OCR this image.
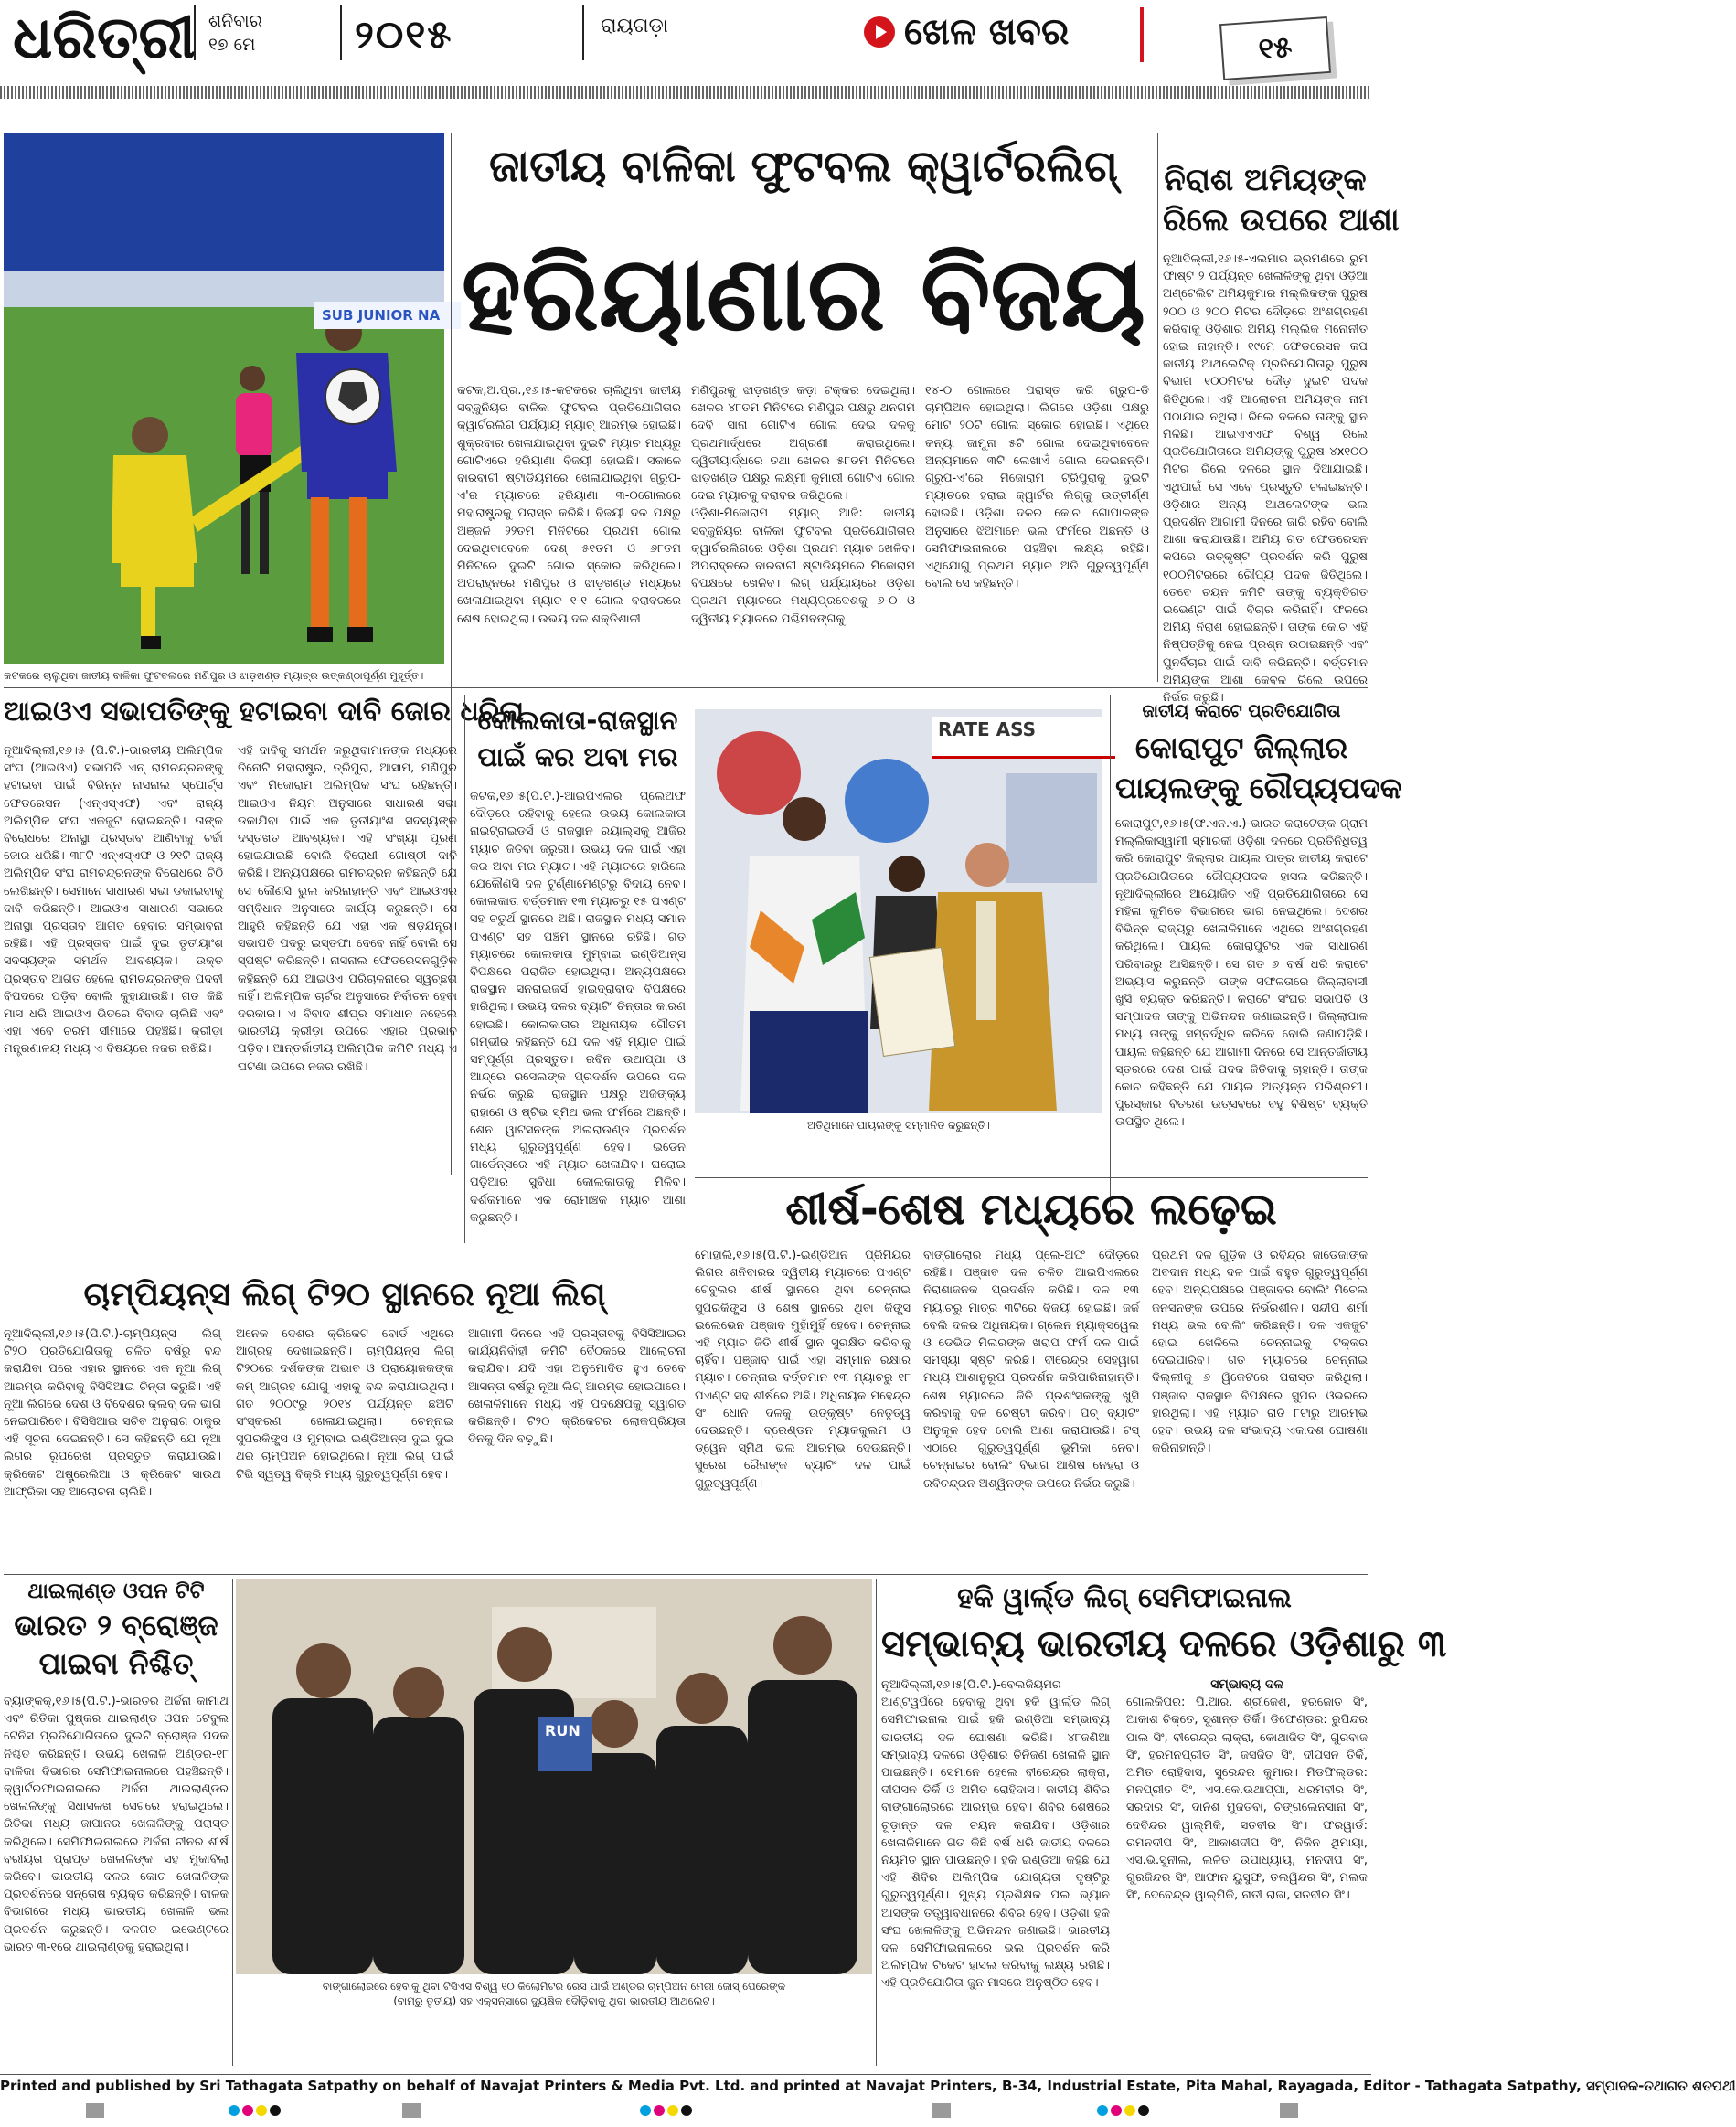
ଧରିତ୍ରୀ ଶନିବାର
୧୭ ମେ	୨୦୧୫	ରାୟଗଡ଼ା	ଖେଳ ଖବର	୧୫
SUB JUNIOR NA
କଟକରେ ଚାଲୁଥିବା ଜାତୀୟ ବାଳିକା ଫୁଟବଲରେ ମଣିପୁର ଓ ଝାଡ଼ଖଣ୍ଡ ମ୍ୟାଚ୍‌ର ଉତ୍କଣ୍ଠାପୂର୍ଣ୍ଣ ମୁହୂର୍ତ୍ତ।
ଜାତୀୟ ବାଳିକା ଫୁଟବଲ କ୍ୱାର୍ଟରଲିଗ୍
ହରିୟାଣାର ବିଜୟ
କଟକ,ଅ.ପ୍ର.,୧୬।୫-କଟକରେ ଚାଲିଥିବା ଜାତୀୟ ସବ୍‌ଜୁନିୟର ବାଳିକା ଫୁଟବଲ ପ୍ରତିଯୋଗିତାର କ୍ୱାର୍ଟରଲିଗ ପର୍ଯ୍ୟାୟ ମ୍ୟାଚ୍ ଆରମ୍ଭ ହୋଇଛି। ଶୁକ୍ରବାର ଖେଳାଯାଇଥିବା ଦୁଇଟି ମ୍ୟାଚ ମଧ୍ୟରୁ ଗୋଟିଏରେ ହରିୟାଣା ବିଜୟୀ ହୋଇଛି। ସକାଳେ ବାରବାଟୀ ଷ୍ଟାଡିୟମରେ ଖେଳାଯାଇଥିବା ଗ୍ରୁପ-ଏ'ର ମ୍ୟାଚରେ ହରିୟାଣା ୩-୦ଗୋଲରେ ମହାରାଷ୍ଟ୍ରକୁ ପରାସ୍ତ କରିଛି। ବିଜୟୀ ଦଳ ପକ୍ଷରୁ ଅଞ୍ଜଳି ୨୨ତମ ମିନିଟରେ ପ୍ରଥମ ଗୋଲ ଦେଇଥିବାବେଳେ ଦେଶ୍ ୫୧ତମ ଓ ୬୮ତମ ମିନିଟରେ ଦୁଇଟି ଗୋଲ ସ୍କୋର କରିଥିଲେ। ଅପରାହ୍ନରେ ମଣିପୁର ଓ ଝାଡ଼ଖଣ୍ଡ ମଧ୍ୟରେ ଖେଳାଯାଇଥିବା ମ୍ୟାଚ ୧-୧ ଗୋଲ ବରାବରରେ ଶେଷ ହୋଇଥିଲା। ଉଭୟ ଦଳ ଶକ୍ତିଶାଳୀ
ମଣିପୁରକୁ ଝାଡ଼ଖଣ୍ଡ କଡ଼ା ଟକ୍କର ଦେଇଥିଲା। ଖେଳର ୪୮ତମ ମିନିଟରେ ମଣିପୁର ପକ୍ଷରୁ ଥନଗମ ଦେବି ସାନା ଗୋଟିଏ ଗୋଲ ଦେଇ ଦଳକୁ ପ୍ରଥମାର୍ଦ୍ଧରେ ଅଗ୍ରଣୀ କରାଇଥିଲେ। ଦ୍ୱିତୀୟାର୍ଦ୍ଧରେ ତଥା ଖେଳର ୫୮ତମ ମିନିଟରେ ଝାଡ଼ଖଣ୍ଡ ପକ୍ଷରୁ ଲକ୍ଷ୍ମୀ କୁମାରୀ ଗୋଟିଏ ଗୋଲ ଦେଇ ମ୍ୟାଚକୁ ବରାବର କରିଥିଲେ।
ଓଡ଼ିଶା-ମିଜୋରାମ ମ୍ୟାଚ୍ ଆଜି: ଜାତୀୟ ସବ୍‌ଜୁନିୟର ବାଳିକା ଫୁଟବଲ ପ୍ରତିଯୋଗିତାର କ୍ୱାର୍ଟରଲିଗରେ ଓଡ଼ିଶା ପ୍ରଥମ ମ୍ୟାଚ ଖେଳିବ। ଅପରାହ୍ନରେ ବାରବାଟୀ ଷ୍ଟାଡିୟମରେ ମିଜୋରାମ ବିପକ୍ଷରେ ଖେଳିବ। ଲିଗ୍ ପର୍ଯ୍ୟାୟରେ ଓଡ଼ିଶା ପ୍ରଥମ ମ୍ୟାଚରେ ମଧ୍ୟପ୍ରଦେଶକୁ ୬-୦ ଓ ଦ୍ୱିତୀୟ ମ୍ୟାଚରେ ପଶ୍ଚିମବଙ୍ଗକୁ
୧୪-୦ ଗୋଲରେ ପରାସ୍ତ କରି ଗ୍ରୁପ-ଡି ଚାମ୍ପିଅନ ହୋଇଥିଲା। ଲିଗରେ ଓଡ଼ିଶା ପକ୍ଷରୁ ମୋଟ ୨୦ଟି ଗୋଲ ସ୍କୋର ହୋଇଛି। ଏଥିରେ କନ୍ୟା ଜାମୁନା ୫ଟି ଗୋଲ ଦେଇଥିବାବେଳେ ଅନ୍ୟମାନେ ୩ଟି ଲେଖାଏଁ ଗୋଲ ଦେଇଛନ୍ତି। ଗ୍ରୁପ-ଏ'ରେ ମିଜୋରାମ ଟ୍ରିପୁରାକୁ ଦୁଇଟି ମ୍ୟାଚରେ ହରାଇ କ୍ୱାର୍ଟର ଲିଗ୍‌କୁ ଉତ୍ତୀର୍ଣ୍ଣ ହୋଇଛି। ଓଡ଼ିଶା ଦଳର କୋଚ ଗୋପାଳଙ୍କ ଅନୁସାରେ ଝିଅମାନେ ଭଲ ଫର୍ମରେ ଅଛନ୍ତି ଓ ସେମିଫାଇନାଲରେ ପହଞ୍ଚିବା ଲକ୍ଷ୍ୟ ରହିଛି। ଏଥିଯୋଗୁ ପ୍ରଥମ ମ୍ୟାଚ ଅତି ଗୁରୁତ୍ୱପୂର୍ଣ୍ଣ ବୋଲି ସେ କହିଛନ୍ତି।
ନିରାଶ ଅମିୟଙ୍କ
ରିଲେ ଉପରେ ଆଶା
ନୂଆଦିଲ୍ଲୀ,୧୬।୫-ଏଲମାର ଭ୍ରମଣରେ ରୁମ ଫାଷ୍ଟ ୨ ପର୍ଯ୍ୟନ୍ତ ଖେଳାଳିଙ୍କୁ ଥିବା ଓଡ଼ିଆ ଅଣ୍ଟେଲିଟ ଅମିୟକୁମାର ମଲ୍ଲିକଙ୍କ ପୁରୁଷ ୨୦୦ ଓ ୨୦୦ ମିଟର ଦୌଡ଼ରେ ଅଂଶଗ୍ରହଣ କରିବାକୁ ଓଡ଼ିଶାର ଅମିୟ ମଲ୍ଲିକ ମନୋନୀତ ହୋଇ ନାହାନ୍ତି। ୧୯ମେ ଫେଡରେସନ କପ ଜାତୀୟ ଆଥଲେଟିକ୍ ପ୍ରତିଯୋଗିତାରୁ ପୁରୁଷ ବିଭାଗ ୧୦୦ମିଟର ଦୌଡ଼ ଦୁଇଟି ପଦକ ଜିତିଥିଲେ। ଏହି ଆଲୋଚନା ଅମିୟଙ୍କ ନାମ ପଠାଯାଇ ନଥିଲା। ରିଲେ ଦଳରେ ତାଙ୍କୁ ସ୍ଥାନ ମିଳିଛି। ଆଇଏଏଏଫ ବିଶ୍ୱ ରିଲେ ପ୍ରତିଯୋଗିତାରେ ଅମିୟଙ୍କୁ ପୁରୁଷ ୪x୧୦୦ ମିଟର ରିଲେ ଦଳରେ ସ୍ଥାନ ଦିଆଯାଇଛି। ଏଥିପାଇଁ ସେ ଏବେ ପ୍ରସ୍ତୁତି ଚଳାଇଛନ୍ତି। ଓଡ଼ିଶାର ଅନ୍ୟ ଆଥଲେଟଙ୍କ ଭଲ ପ୍ରଦର୍ଶନ ଆଗାମୀ ଦିନରେ ଜାରି ରହିବ ବୋଲି ଆଶା କରାଯାଉଛି। ଅମିୟ ଗତ ଫେଡରେସନ କପରେ ଉତ୍କୃଷ୍ଟ ପ୍ରଦର୍ଶନ କରି ପୁରୁଷ ୧୦୦ମିଟରରେ ରୌପ୍ୟ ପଦକ ଜିତିଥିଲେ। ତେବେ ଚୟନ କମିଟି ତାଙ୍କୁ ବ୍ୟକ୍ତିଗତ ଇଭେଣ୍ଟ ପାଇଁ ବିଚାର କରିନାହିଁ। ଫଳରେ ଅମିୟ ନିରାଶ ହୋଇଛନ୍ତି। ତାଙ୍କ କୋଚ ଏହି ନିଷ୍ପତ୍ତିକୁ ନେଇ ପ୍ରଶ୍ନ ଉଠାଇଛନ୍ତି ଏବଂ ପୁନର୍ବିଚାର ପାଇଁ ଦାବି କରିଛନ୍ତି। ବର୍ତ୍ତମାନ ଅମିୟଙ୍କ ଆଶା କେବଳ ରିଲେ ଉପରେ ନିର୍ଭର କରୁଛି।
ଆଇଓଏ ସଭାପତିଙ୍କୁ ହଟାଇବା ଦାବି ଜୋର ଧରିଲା
ନୂଆଦିଲ୍ଲୀ,୧୬।୫ (ପି.ଟି.)-ଭାରତୀୟ ଅଲିମ୍ପିକ ସଂଘ (ଆଇଓଏ) ସଭାପତି ଏନ୍ ରାମଚନ୍ଦ୍ରନଙ୍କୁ ହଟାଇବା ପାଇଁ ବିଭିନ୍ନ ନାସନାଲ ସ୍ପୋର୍ଟ୍ସ ଫେଡରେସନ (ଏନ୍‌ଏସ୍‌ଏଫ) ଏବଂ ରାଜ୍ୟ ଅଲିମ୍ପିକ ସଂଘ ଏକଜୁଟ ହୋଇଛନ୍ତି। ତାଙ୍କ ବିରୋଧରେ ଅନାସ୍ଥା ପ୍ରସ୍ତାବ ଆଣିବାକୁ ଚର୍ଚ୍ଚା ଜୋର ଧରିଛି। ୩୮ଟି ଏନ୍‌ଏସ୍‌ଏଫ ଓ ୨୧ଟି ରାଜ୍ୟ ଅଲିମ୍ପିକ ସଂଘ ରାମଚନ୍ଦ୍ରନଙ୍କ ବିରୋଧରେ ଚିଠି ଲେଖିଛନ୍ତି। ସେମାନେ ସାଧାରଣ ସଭା ଡକାଇବାକୁ ଦାବି କରିଛନ୍ତି। ଆଇଓଏ ସାଧାରଣ ସଭାରେ ଅନାସ୍ଥା ପ୍ରସ୍ତାବ ଆଗତ ହେବାର ସମ୍ଭାବନା ରହିଛି। ଏହି ପ୍ରସ୍ତାବ ପାଇଁ ଦୁଇ ତୃତୀୟାଂଶ ସଦସ୍ୟଙ୍କ ସମର୍ଥନ ଆବଶ୍ୟକ। ଉକ୍ତ ପ୍ରସ୍ତାବ ଆଗତ ହେଲେ ରାମଚନ୍ଦ୍ରନଙ୍କ ପଦବୀ ବିପଦରେ ପଡ଼ିବ ବୋଲି କୁହାଯାଉଛି। ଗତ କିଛି ମାସ ଧରି ଆଇଓଏ ଭିତରେ ବିବାଦ ଚାଲିଛି ଏବଂ ଏହା ଏବେ ଚରମ ସୀମାରେ ପହଞ୍ଚିଛି। କ୍ରୀଡ଼ା ମନ୍ତ୍ରଣାଳୟ ମଧ୍ୟ ଏ ବିଷୟରେ ନଜର ରଖିଛି।
ଏହି ଦାବିକୁ ସମର୍ଥନ କରୁଥିବାମାନଙ୍କ ମଧ୍ୟରେ ତିନୋଟି ମହାରାଷ୍ଟ୍ର, ତ୍ରିପୁରା, ଆସାମ, ମଣିପୁର ଏବଂ ମିଜୋରାମ ଅଲିମ୍ପିକ ସଂଘ ରହିଛନ୍ତି। ଆଇଓଏ ନିୟମ ଅନୁସାରେ ସାଧାରଣ ସଭା ଡକାଯିବା ପାଇଁ ଏକ ତୃତୀୟାଂଶ ସଦସ୍ୟଙ୍କ ଦସ୍ତଖତ ଆବଶ୍ୟକ। ଏହି ସଂଖ୍ୟା ପୂରଣ ହୋଇଯାଇଛି ବୋଲି ବିରୋଧୀ ଗୋଷ୍ଠୀ ଦାବି କରିଛି। ଅନ୍ୟପକ୍ଷରେ ରାମଚନ୍ଦ୍ରନ କହିଛନ୍ତି ଯେ ସେ କୌଣସି ଭୁଲ କରିନାହାନ୍ତି ଏବଂ ଆଇଓଏର ସମ୍ବିଧାନ ଅନୁସାରେ କାର୍ଯ୍ୟ କରୁଛନ୍ତି। ସେ ଆହୁରି କହିଛନ୍ତି ଯେ ଏହା ଏକ ଷଡ଼ଯନ୍ତ୍ର। ସଭାପତି ପଦରୁ ଇସ୍ତଫା ଦେବେ ନାହିଁ ବୋଲି ସେ ସ୍ପଷ୍ଟ କରିଛନ୍ତି। ନାସନାଲ ଫେଡରେସନଗୁଡ଼ିକ କହିଛନ୍ତି ଯେ ଆଇଓଏ ପରିଚାଳନାରେ ସ୍ୱଚ୍ଛତା ନାହିଁ। ଅଲିମ୍ପିକ ଚାର୍ଟର ଅନୁସାରେ ନିର୍ବାଚନ ହେବା ଦରକାର। ଏ ବିବାଦ ଶୀଘ୍ର ସମାଧାନ ନହେଲେ ଭାରତୀୟ କ୍ରୀଡ଼ା ଉପରେ ଏହାର ପ୍ରଭାବ ପଡ଼ିବ। ଆନ୍ତର୍ଜାତୀୟ ଅଲିମ୍ପିକ କମିଟି ମଧ୍ୟ ଏ ଘଟଣା ଉପରେ ନଜର ରଖିଛି।
କୋଲକାତା-ରାଜସ୍ଥାନ
ପାଇଁ କର ଅବା ମର
କଟକ,୧୬।୫(ପି.ଟି.)-ଆଇପିଏଲର ପ୍ଲେଅଫ ଦୌଡ଼ରେ ରହିବାକୁ ହେଲେ ଉଭୟ କୋଲକାତା ନାଇଟ୍‌ରାଇଡର୍ସ ଓ ରାଜସ୍ଥାନ ରୟାଲ୍ସକୁ ଆଜିର ମ୍ୟାଚ ଜିତିବା ଜରୁରୀ। ଉଭୟ ଦଳ ପାଇଁ ଏହା କର ଅବା ମର ମ୍ୟାଚ। ଏହି ମ୍ୟାଚରେ ହାରିଲେ ଯେକୌଣସି ଦଳ ଟୁର୍ଣ୍ଣାମେଣ୍ଟରୁ ବିଦାୟ ନେବ। କୋଲକାତା ବର୍ତ୍ତମାନ ୧୩ ମ୍ୟାଚରୁ ୧୫ ପଏଣ୍ଟ ସହ ଚତୁର୍ଥ ସ୍ଥାନରେ ଅଛି। ରାଜସ୍ଥାନ ମଧ୍ୟ ସମାନ ପଏଣ୍ଟ ସହ ପଞ୍ଚମ ସ୍ଥାନରେ ରହିଛି। ଗତ ମ୍ୟାଚରେ କୋଲକାତା ମୁମ୍ବାଇ ଇଣ୍ଡିଆନ୍ସ ବିପକ୍ଷରେ ପରାଜିତ ହୋଇଥିଲା। ଅନ୍ୟପକ୍ଷରେ ରାଜସ୍ଥାନ ସନରାଇଜର୍ସ ହାଇଦ୍ରାବାଦ ବିପକ୍ଷରେ ହାରିଥିଲା। ଉଭୟ ଦଳର ବ୍ୟାଟିଂ ଚିନ୍ତାର କାରଣ ହୋଇଛି। କୋଲକାତାର ଅଧିନାୟକ ଗୌତମ ଗମ୍ଭୀର କହିଛନ୍ତି ଯେ ଦଳ ଏହି ମ୍ୟାଚ ପାଇଁ ସମ୍ପୂର୍ଣ୍ଣ ପ୍ରସ୍ତୁତ। ରବିନ ଉଥାପ୍ପା ଓ ଆନ୍ଦ୍ରେ ରସେଲଙ୍କ ପ୍ରଦର୍ଶନ ଉପରେ ଦଳ ନିର୍ଭର କରୁଛି। ରାଜସ୍ଥାନ ପକ୍ଷରୁ ଅଜିଙ୍କ୍ୟ ରାହାଣେ ଓ ଷ୍ଟିଭ ସ୍ମିଥ ଭଲ ଫର୍ମରେ ଅଛନ୍ତି। ଶେନ ୱାଟସନଙ୍କ ଅଲରାଉଣ୍ଡ ପ୍ରଦର୍ଶନ ମଧ୍ୟ ଗୁରୁତ୍ୱପୂର୍ଣ୍ଣ ହେବ। ଇଡେନ ଗାର୍ଡେନ୍ସରେ ଏହି ମ୍ୟାଚ ଖେଳାଯିବ। ଘରୋଇ ପଡ଼ିଆର ସୁବିଧା କୋଲକାତାକୁ ମିଳିବ। ଦର୍ଶକମାନେ ଏକ ରୋମାଞ୍ଚକ ମ୍ୟାଚ ଆଶା କରୁଛନ୍ତି।
RATE ASS
ଅତିଥିମାନେ ପାୟଲଙ୍କୁ ସମ୍ମାନିତ କରୁଛନ୍ତି।
ଜାତୀୟ କରାଟେ ପ୍ରତିଯୋଗିତା
କୋରାପୁଟ ଜିଲ୍ଲାର
ପାୟଲଙ୍କୁ ରୌପ୍ୟପଦକ
କୋରାପୁଟ,୧୬।୫(ଫ.ଏନ.ଏ.)-ଭାରତ କରାଟେଙ୍କ ଗ୍ରାମ ମଲ୍ଲିକାସ୍ୱାମୀ ସ୍ମାରକୀ ଓଡ଼ିଶା ଦଳରେ ପ୍ରତିନିଧିତ୍ୱ କରି କୋରାପୁଟ ଜିଲ୍ଲାର ପାୟଲ ପାତ୍ର ଜାତୀୟ କରାଟେ ପ୍ରତିଯୋଗିତାରେ ରୌପ୍ୟପଦକ ହାସଲ କରିଛନ୍ତି। ନୂଆଦିଲ୍ଲୀରେ ଆୟୋଜିତ ଏହି ପ୍ରତିଯୋଗିତାରେ ସେ ମହିଳା କୁମିତେ ବିଭାଗରେ ଭାଗ ନେଇଥିଲେ। ଦେଶର ବିଭିନ୍ନ ରାଜ୍ୟରୁ ଖେଳାଳିମାନେ ଏଥିରେ ଅଂଶଗ୍ରହଣ କରିଥିଲେ। ପାୟଲ କୋରାପୁଟର ଏକ ସାଧାରଣ ପରିବାରରୁ ଆସିଛନ୍ତି। ସେ ଗତ ୬ ବର୍ଷ ଧରି କରାଟେ ଅଭ୍ୟାସ କରୁଛନ୍ତି। ତାଙ୍କ ସଫଳତାରେ ଜିଲ୍ଲାବାସୀ ଖୁସି ବ୍ୟକ୍ତ କରିଛନ୍ତି। କରାଟେ ସଂଘର ସଭାପତି ଓ ସମ୍ପାଦକ ତାଙ୍କୁ ଅଭିନନ୍ଦନ ଜଣାଇଛନ୍ତି। ଜିଲ୍ଲାପାଳ ମଧ୍ୟ ତାଙ୍କୁ ସମ୍ବର୍ଦ୍ଧିତ କରିବେ ବୋଲି ଜଣାପଡ଼ିଛି। ପାୟଲ କହିଛନ୍ତି ଯେ ଆଗାମୀ ଦିନରେ ସେ ଆନ୍ତର୍ଜାତୀୟ ସ୍ତରରେ ଦେଶ ପାଇଁ ପଦକ ଜିତିବାକୁ ଚାହାନ୍ତି। ତାଙ୍କ କୋଚ କହିଛନ୍ତି ଯେ ପାୟଲ ଅତ୍ୟନ୍ତ ପରିଶ୍ରମୀ। ପୁରସ୍କାର ବିତରଣ ଉତ୍ସବରେ ବହୁ ବିଶିଷ୍ଟ ବ୍ୟକ୍ତି ଉପସ୍ଥିତ ଥିଲେ।
ଶୀର୍ଷ-ଶେଷ ମଧ୍ୟରେ ଲଢ଼େଇ
ମୋହାଲି,୧୬।୫(ପି.ଟି.)-ଇଣ୍ଡିଆନ ପ୍ରିମିୟର ଲିଗର ଶନିବାରର ଦ୍ୱିତୀୟ ମ୍ୟାଚରେ ପଏଣ୍ଟ ଟେବୁଲର ଶୀର୍ଷ ସ୍ଥାନରେ ଥିବା ଚେନ୍ନାଇ ସୁପରକିଙ୍ଗ୍ସ ଓ ଶେଷ ସ୍ଥାନରେ ଥିବା କିଙ୍ଗ୍ସ ଇଲେଭେନ ପଞ୍ଜାବ ମୁହାଁମୁହିଁ ହେବେ। ଚେନ୍ନାଇ ଏହି ମ୍ୟାଚ ଜିତି ଶୀର୍ଷ ସ୍ଥାନ ସୁରକ୍ଷିତ କରିବାକୁ ଚାହିଁବ। ପଞ୍ଜାବ ପାଇଁ ଏହା ସମ୍ମାନ ରକ୍ଷାର ମ୍ୟାଚ। ଚେନ୍ନାଇ ବର୍ତ୍ତମାନ ୧୩ ମ୍ୟାଚରୁ ୧୮ ପଏଣ୍ଟ ସହ ଶୀର୍ଷରେ ଅଛି। ଅଧିନାୟକ ମହେନ୍ଦ୍ର ସିଂ ଧୋନି ଦଳକୁ ଉତ୍କୃଷ୍ଟ ନେତୃତ୍ୱ ଦେଉଛନ୍ତି। ବ୍ରେଣ୍ଡନ ମ୍ୟାକକୁଲମ ଓ ଡ୍ୱେନ ସ୍ମିଥ ଭଲ ଆରମ୍ଭ ଦେଉଛନ୍ତି। ସୁରେଶ ରୈନାଙ୍କ ବ୍ୟାଟିଂ ଦଳ ପାଇଁ ଗୁରୁତ୍ୱପୂର୍ଣ୍ଣ।
ବାଙ୍ଗାଲୋର ମଧ୍ୟ ପ୍ଲେ-ଅଫ ଦୌଡ଼ରେ ରହିଛି। ପଞ୍ଜାବ ଦଳ ଚଳିତ ଆଇପିଏଲରେ ନିରାଶାଜନକ ପ୍ରଦର୍ଶନ କରିଛି। ଦଳ ୧୩ ମ୍ୟାଚରୁ ମାତ୍ର ୩ଟିରେ ବିଜୟୀ ହୋଇଛି। ଜର୍ଜ ବେଲି ଦଳର ଅଧିନାୟକ। ଗ୍ଲେନ ମ୍ୟାକ୍ସୱେଲ ଓ ଡେଭିଡ ମିଲରଙ୍କ ଖରାପ ଫର୍ମ ଦଳ ପାଇଁ ସମସ୍ୟା ସୃଷ୍ଟି କରିଛି। ବୀରେନ୍ଦ୍ର ସେହୱାଗ ମଧ୍ୟ ଆଶାନୁରୂପ ପ୍ରଦର୍ଶନ କରିପାରିନାହାନ୍ତି। ଶେଷ ମ୍ୟାଚରେ ଜିତି ପ୍ରଶଂସକଙ୍କୁ ଖୁସି କରିବାକୁ ଦଳ ଚେଷ୍ଟା କରିବ। ପିଚ୍ ବ୍ୟାଟିଂ ଅନୁକୂଳ ହେବ ବୋଲି ଆଶା କରାଯାଉଛି। ଟସ୍ ଏଠାରେ ଗୁରୁତ୍ୱପୂର୍ଣ୍ଣ ଭୂମିକା ନେବ। ଚେନ୍ନାଇର ବୋଲିଂ ବିଭାଗ ଆଶିଷ ନେହରା ଓ ରବିଚନ୍ଦ୍ରନ ଅଶ୍ୱିନଙ୍କ ଉପରେ ନିର୍ଭର କରୁଛି।
ପ୍ରଥମ ଦଳ ଗୁଡ଼ିକ ଓ ରବିନ୍ଦ୍ର ଜାଡେଜାଙ୍କ ଅବଦାନ ମଧ୍ୟ ଦଳ ପାଇଁ ବହୁତ ଗୁରୁତ୍ୱପୂର୍ଣ୍ଣ ହେବ। ଅନ୍ୟପକ୍ଷରେ ପଞ୍ଜାବର ବୋଲିଂ ମିଚେଲ ଜନସନଙ୍କ ଉପରେ ନିର୍ଭରଶୀଳ। ସନ୍ଦୀପ ଶର୍ମା ମଧ୍ୟ ଭଲ ବୋଲିଂ କରିଛନ୍ତି। ଦଳ ଏକଜୁଟ ହୋଇ ଖେଳିଲେ ଚେନ୍ନାଇକୁ ଟକ୍କର ଦେଇପାରିବ। ଗତ ମ୍ୟାଚରେ ଚେନ୍ନାଇ ଦିଲ୍ଲୀକୁ ୬ ୱିକେଟରେ ପରାସ୍ତ କରିଥିଲା। ପଞ୍ଜାବ ରାଜସ୍ଥାନ ବିପକ୍ଷରେ ସୁପର ଓଭରରେ ହାରିଥିଲା। ଏହି ମ୍ୟାଚ ରାତି ୮ଟାରୁ ଆରମ୍ଭ ହେବ। ଉଭୟ ଦଳ ସଂଭାବ୍ୟ ଏକାଦଶ ଘୋଷଣା କରିନାହାନ୍ତି।
ଚାମ୍ପିୟନ୍ସ ଲିଗ୍ ଟି୨୦ ସ୍ଥାନରେ ନୂଆ ଲିଗ୍
ନୂଆଦିଲ୍ଲୀ,୧୬।୫(ପି.ଟି.)-ଚାମ୍ପିୟନ୍ସ ଲିଗ୍ ଟି୨୦ ପ୍ରତିଯୋଗିତାକୁ ଚଳିତ ବର୍ଷରୁ ବନ୍ଦ କରାଯିବା ପରେ ଏହାର ସ୍ଥାନରେ ଏକ ନୂଆ ଲିଗ୍ ଆରମ୍ଭ କରିବାକୁ ବିସିସିଆଇ ଚିନ୍ତା କରୁଛି। ଏହି ନୂଆ ଲିଗରେ ଦେଶ ଓ ବିଦେଶର କ୍ଲବ୍ ଦଳ ଭାଗ ନେଇପାରିବେ। ବିସିସିଆଇ ସଚିବ ଅନୁରାଗ ଠାକୁର ଏହି ସୂଚନା ଦେଇଛନ୍ତି। ସେ କହିଛନ୍ତି ଯେ ନୂଆ ଲିଗର ରୂପରେଖ ପ୍ରସ୍ତୁତ କରାଯାଉଛି। କ୍ରିକେଟ ଅଷ୍ଟ୍ରେଲିଆ ଓ କ୍ରିକେଟ ସାଉଥ ଆଫ୍ରିକା ସହ ଆଲୋଚନା ଚାଲିଛି।
ଅନେକ ଦେଶର କ୍ରିକେଟ ବୋର୍ଡ ଏଥିରେ ଆଗ୍ରହ ଦେଖାଇଛନ୍ତି। ଚାମ୍ପିୟନ୍ସ ଲିଗ୍ ଟି୨୦ରେ ଦର୍ଶକଙ୍କ ଅଭାବ ଓ ପ୍ରାୟୋଜକଙ୍କ କମ୍ ଆଗ୍ରହ ଯୋଗୁ ଏହାକୁ ବନ୍ଦ କରାଯାଇଥିଲା। ଗତ ୨୦୦୯ରୁ ୨୦୧୪ ପର୍ଯ୍ୟନ୍ତ ଛଅଟି ସଂସ୍କରଣ ଖେଳାଯାଇଥିଲା। ଚେନ୍ନାଇ ସୁପରକିଙ୍ଗ୍ସ ଓ ମୁମ୍ବାଇ ଇଣ୍ଡିଆନ୍ସ ଦୁଇ ଦୁଇ ଥର ଚାମ୍ପିଅନ ହୋଇଥିଲେ। ନୂଆ ଲିଗ୍ ପାଇଁ ଟିଭି ସ୍ୱତ୍ୱ ବିକ୍ରି ମଧ୍ୟ ଗୁରୁତ୍ୱପୂର୍ଣ୍ଣ ହେବ।
ଆଗାମୀ ଦିନରେ ଏହି ପ୍ରସ୍ତାବକୁ ବିସିସିଆଇର କାର୍ଯ୍ୟନିର୍ବାହୀ କମିଟି ବୈଠକରେ ଆଲୋଚନା କରାଯିବ। ଯଦି ଏହା ଅନୁମୋଦିତ ହୁଏ ତେବେ ଆସନ୍ତା ବର୍ଷରୁ ନୂଆ ଲିଗ୍ ଆରମ୍ଭ ହୋଇପାରେ। ଖେଳାଳିମାନେ ମଧ୍ୟ ଏହି ପଦକ୍ଷେପକୁ ସ୍ୱାଗତ କରିଛନ୍ତି। ଟି୨୦ କ୍ରିକେଟର ଲୋକପ୍ରିୟତା ଦିନକୁ ଦିନ ବଢ଼ୁଛି।
ଥାଇଲାଣ୍ଡ ଓପନ ଟିଟି
ଭାରତ ୨ ବ୍ରୋଞ୍ଜ
ପାଇବା ନିଶ୍ଚିତ୍
ବ୍ୟାଙ୍କକ୍,୧୬।୫(ପି.ଟି.)-ଭାରତର ଅର୍ଚ୍ଚନା କାମାଥ ଏବଂ ରିତିକା ପୁଷ୍କର ଥାଇଲାଣ୍ଡ ଓପନ ଟେବୁଲ ଟେନିସ ପ୍ରତିଯୋଗିତାରେ ଦୁଇଟି ବ୍ରୋଞ୍ଜ ପଦକ ନିଶ୍ଚିତ କରିଛନ୍ତି। ଉଭୟ ଖେଳାଳି ଅଣ୍ଡର-୧୮ ବାଳିକା ବିଭାଗର ସେମିଫାଇନାଲରେ ପହଞ୍ଚିଛନ୍ତି। କ୍ୱାର୍ଟରଫାଇନାଲରେ ଅର୍ଚ୍ଚନା ଥାଇଲାଣ୍ଡର ଖେଳାଳିଙ୍କୁ ସିଧାସଳଖ ସେଟରେ ହରାଇଥିଲେ। ରିତିକା ମଧ୍ୟ ଜାପାନର ଖେଳାଳିଙ୍କୁ ପରାସ୍ତ କରିଥିଲେ। ସେମିଫାଇନାଲରେ ଅର୍ଚ୍ଚନା ଚୀନର ଶୀର୍ଷ ବରୀୟତା ପ୍ରାପ୍ତ ଖେଳାଳିଙ୍କ ସହ ମୁକାବିଲା କରିବେ। ଭାରତୀୟ ଦଳର କୋଚ ଖେଳାଳିଙ୍କ ପ୍ରଦର୍ଶନରେ ସନ୍ତୋଷ ବ୍ୟକ୍ତ କରିଛନ୍ତି। ବାଳକ ବିଭାଗରେ ମଧ୍ୟ ଭାରତୀୟ ଖେଳାଳି ଭଲ ପ୍ରଦର୍ଶନ କରୁଛନ୍ତି। ଦଳଗତ ଇଭେଣ୍ଟରେ ଭାରତ ୩-୧ରେ ଥାଇଲାଣ୍ଡକୁ ହରାଇଥିଲା।
RUN
ବାଙ୍ଗାଲୋରରେ ହେବାକୁ ଥିବା ଟିସିଏସ ବିଶ୍ୱ ୧୦ କିଲୋମିଟର ରେସ ପାଇଁ ଅଣ୍ଡର ଚାମ୍ପିଅନ ମେରୀ ଜୋସ୍ ପେରେଙ୍କ
(ବାମରୁ ତୃତୀୟ) ସହ ଏକ୍ସନ୍ସାରେ ଦ୍ୟୁଷିକ ଦୌଡ଼ିବାକୁ ଥିବା ଭାରତୀୟ ଆଥଲେଟ।
ହକି ୱାର୍ଲ୍ଡ ଲିଗ୍ ସେମିଫାଇନାଲ
ସମ୍ଭାବ୍ୟ ଭାରତୀୟ ଦଳରେ ଓଡ଼ିଶାରୁ ୩
ନୂଆଦିଲ୍ଲୀ,୧୬।୫(ପି.ଟି.)-ବେଲଜିୟମର ଆଣ୍ଟୱର୍ପରେ ହେବାକୁ ଥିବା ହକି ୱାର୍ଲ୍ଡ ଲିଗ୍ ସେମିଫାଇନାଲ ପାଇଁ ହକି ଇଣ୍ଡିଆ ସମ୍ଭାବ୍ୟ ଭାରତୀୟ ଦଳ ଘୋଷଣା କରିଛି। ୪୮ଜଣିଆ ସମ୍ଭାବ୍ୟ ଦଳରେ ଓଡ଼ିଶାର ତିନିଜଣ ଖେଳାଳି ସ୍ଥାନ ପାଇଛନ୍ତି। ସେମାନେ ହେଲେ ବୀରେନ୍ଦ୍ର ଲାକ୍ରା, ଦୀପସନ ତିର୍କି ଓ ଅମିତ ରୋହିଦାସ। ଜାତୀୟ ଶିବିର ବାଙ୍ଗାଲୋରରେ ଆରମ୍ଭ ହେବ। ଶିବିର ଶେଷରେ ଚୂଡ଼ାନ୍ତ ଦଳ ଚୟନ କରାଯିବ। ଓଡ଼ିଶାର ଖେଳାଳିମାନେ ଗତ କିଛି ବର୍ଷ ଧରି ଜାତୀୟ ଦଳରେ ନିୟମିତ ସ୍ଥାନ ପାଉଛନ୍ତି। ହକି ଇଣ୍ଡିଆ କହିଛି ଯେ ଏହି ଶିବିର ଅଲିମ୍ପିକ ଯୋଗ୍ୟତା ଦୃଷ୍ଟିରୁ ଗୁରୁତ୍ୱପୂର୍ଣ୍ଣ। ମୁଖ୍ୟ ପ୍ରଶିକ୍ଷକ ପଲ ଭ୍ୟାନ ଆସଙ୍କ ତତ୍ତ୍ୱାବଧାନରେ ଶିବିର ହେବ। ଓଡ଼ିଶା ହକି ସଂଘ ଖେଳାଳିଙ୍କୁ ଅଭିନନ୍ଦନ ଜଣାଇଛି। ଭାରତୀୟ ଦଳ ସେମିଫାଇନାଲରେ ଭଲ ପ୍ରଦର୍ଶନ କରି ଅଲିମ୍ପିକ ଟିକେଟ ହାସଲ କରିବାକୁ ଲକ୍ଷ୍ୟ ରଖିଛି। ଏହି ପ୍ରତିଯୋଗିତା ଜୁନ ମାସରେ ଅନୁଷ୍ଠିତ ହେବ।
ସମ୍ଭାବ୍ୟ ଦଳ
ଗୋଲକିପର: ପି.ଆର. ଶ୍ରୀଜେଶ, ହରଜୋତ ସିଂ, ଆକାଶ ଚିକ୍ତେ, ସୁଶାନ୍ତ ତିର୍କି। ଡିଫେଣ୍ଡର: ରୁପିନ୍ଦର ପାଲ ସିଂ, ବୀରେନ୍ଦ୍ର ଲାକ୍ରା, କୋଥାଜିତ ସିଂ, ଗୁରବାଜ ସିଂ, ହରମନପ୍ରୀତ ସିଂ, ଜସଜିତ ସିଂ, ଦୀପସନ ତିର୍କି, ଅମିତ ରୋହିଦାସ, ସୁରେନ୍ଦର କୁମାର। ମିଡଫିଲ୍ଡର: ମନପ୍ରୀତ ସିଂ, ଏସ.କେ.ଉଥାପ୍ପା, ଧରମବୀର ସିଂ, ସରଦାର ସିଂ, ଦାନିଶ ମୁଜତବା, ଚିଙ୍ଗଲେନସାନା ସିଂ, ଦେବିନ୍ଦର ୱାଲ୍ମିକି, ସତବୀର ସିଂ। ଫରୱାର୍ଡ: ରମନଦୀପ ସିଂ, ଆକାଶଦୀପ ସିଂ, ନିକିନ ଥିମାୟା, ଏସ.ଭି.ସୁନୀଲ, ଲଳିତ ଉପାଧ୍ୟାୟ, ମନଦୀପ ସିଂ, ଗୁରଜିନ୍ଦର ସିଂ, ଆଫାନ ୟୁସୁଫ, ତଲୱିନ୍ଦର ସିଂ, ମଲକ ସିଂ, ଦେବେନ୍ଦ୍ର ୱାଲ୍ମିକି, ନାତୀ ରାଜା, ସତବୀର ସିଂ।
Printed and published by Sri Tathagata Satpathy on behalf of Navajat Printers & Media Pvt. Ltd. and printed at Navajat Printers, B-34, Industrial Estate, Pita Mahal, Rayagada, Editor - Tathagata Satpathy, ସମ୍ପାଦକ-ତଥାଗତ ଶତପଥୀ
